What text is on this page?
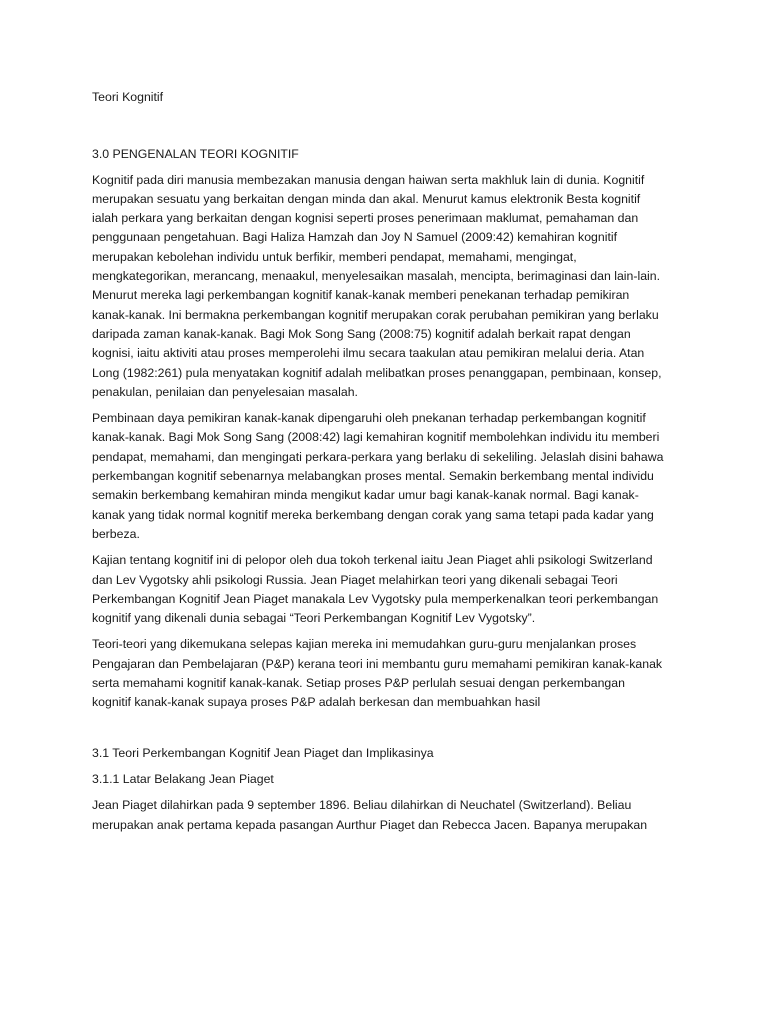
Teori Kognitif

3.0 PENGENALAN TEORI KOGNITIF

Kognitif pada diri manusia membezakan manusia dengan haiwan serta makhluk lain di dunia. Kognitif
merupakan sesuatu yang berkaitan dengan minda dan akal. Menurut kamus elektronik Besta kognitif
ialah perkara yang berkaitan dengan kognisi seperti proses penerimaan maklumat, pemahaman dan
penggunaan pengetahuan. Bagi Haliza Hamzah dan Joy N Samuel (2009:42) kemahiran kognitif
merupakan kebolehan individu untuk berfikir, memberi pendapat, memahami, mengingat,
mengkategorikan, merancang, menaakul, menyelesaikan masalah, mencipta, berimaginasi dan lain-lain.
Menurut mereka lagi perkembangan kognitif kanak-kanak memberi penekanan terhadap pemikiran
kanak-kanak. Ini bermakna perkembangan kognitif merupakan corak perubahan pemikiran yang berlaku
daripada zaman kanak-kanak. Bagi Mok Song Sang (2008:75) kognitif adalah berkait rapat dengan
kognisi, iaitu aktiviti atau proses memperolehi ilmu secara taakulan atau pemikiran melalui deria. Atan
Long (1982:261) pula menyatakan kognitif adalah melibatkan proses penanggapan, pembinaan, konsep,
penakulan, penilaian dan penyelesaian masalah.

Pembinaan daya pemikiran kanak-kanak dipengaruhi oleh pnekanan terhadap perkembangan kognitif
kanak-kanak. Bagi Mok Song Sang (2008:42) lagi kemahiran kognitif membolehkan individu itu memberi
pendapat, memahami, dan mengingati perkara-perkara yang berlaku di sekeliling. Jelaslah disini bahawa
perkembangan kognitif sebenarnya melabangkan proses mental. Semakin berkembang mental individu
semakin berkembang kemahiran minda mengikut kadar umur bagi kanak-kanak normal. Bagi kanak-
kanak yang tidak normal kognitif mereka berkembang dengan corak yang sama tetapi pada kadar yang
berbeza.

Kajian tentang kognitif ini di pelopor oleh dua tokoh terkenal iaitu Jean Piaget ahli psikologi Switzerland
dan Lev Vygotsky ahli psikologi Russia. Jean Piaget melahirkan teori yang dikenali sebagai Teori
Perkembangan Kognitif Jean Piaget manakala Lev Vygotsky pula memperkenalkan teori perkembangan
kognitif yang dikenali dunia sebagai “Teori Perkembangan Kognitif Lev Vygotsky”.

Teori-teori yang dikemukana selepas kajian mereka ini memudahkan guru-guru menjalankan proses
Pengajaran dan Pembelajaran (P&P) kerana teori ini membantu guru memahami pemikiran kanak-kanak
serta memahami kognitif kanak-kanak. Setiap proses P&P perlulah sesuai dengan perkembangan
kognitif kanak-kanak supaya proses P&P adalah berkesan dan membuahkan hasil

3.1 Teori Perkembangan Kognitif Jean Piaget dan Implikasinya

3.1.1 Latar Belakang Jean Piaget

Jean Piaget dilahirkan pada 9 september 1896. Beliau dilahirkan di Neuchatel (Switzerland). Beliau
merupakan anak pertama kepada pasangan Aurthur Piaget dan Rebecca Jacen. Bapanya merupakan
